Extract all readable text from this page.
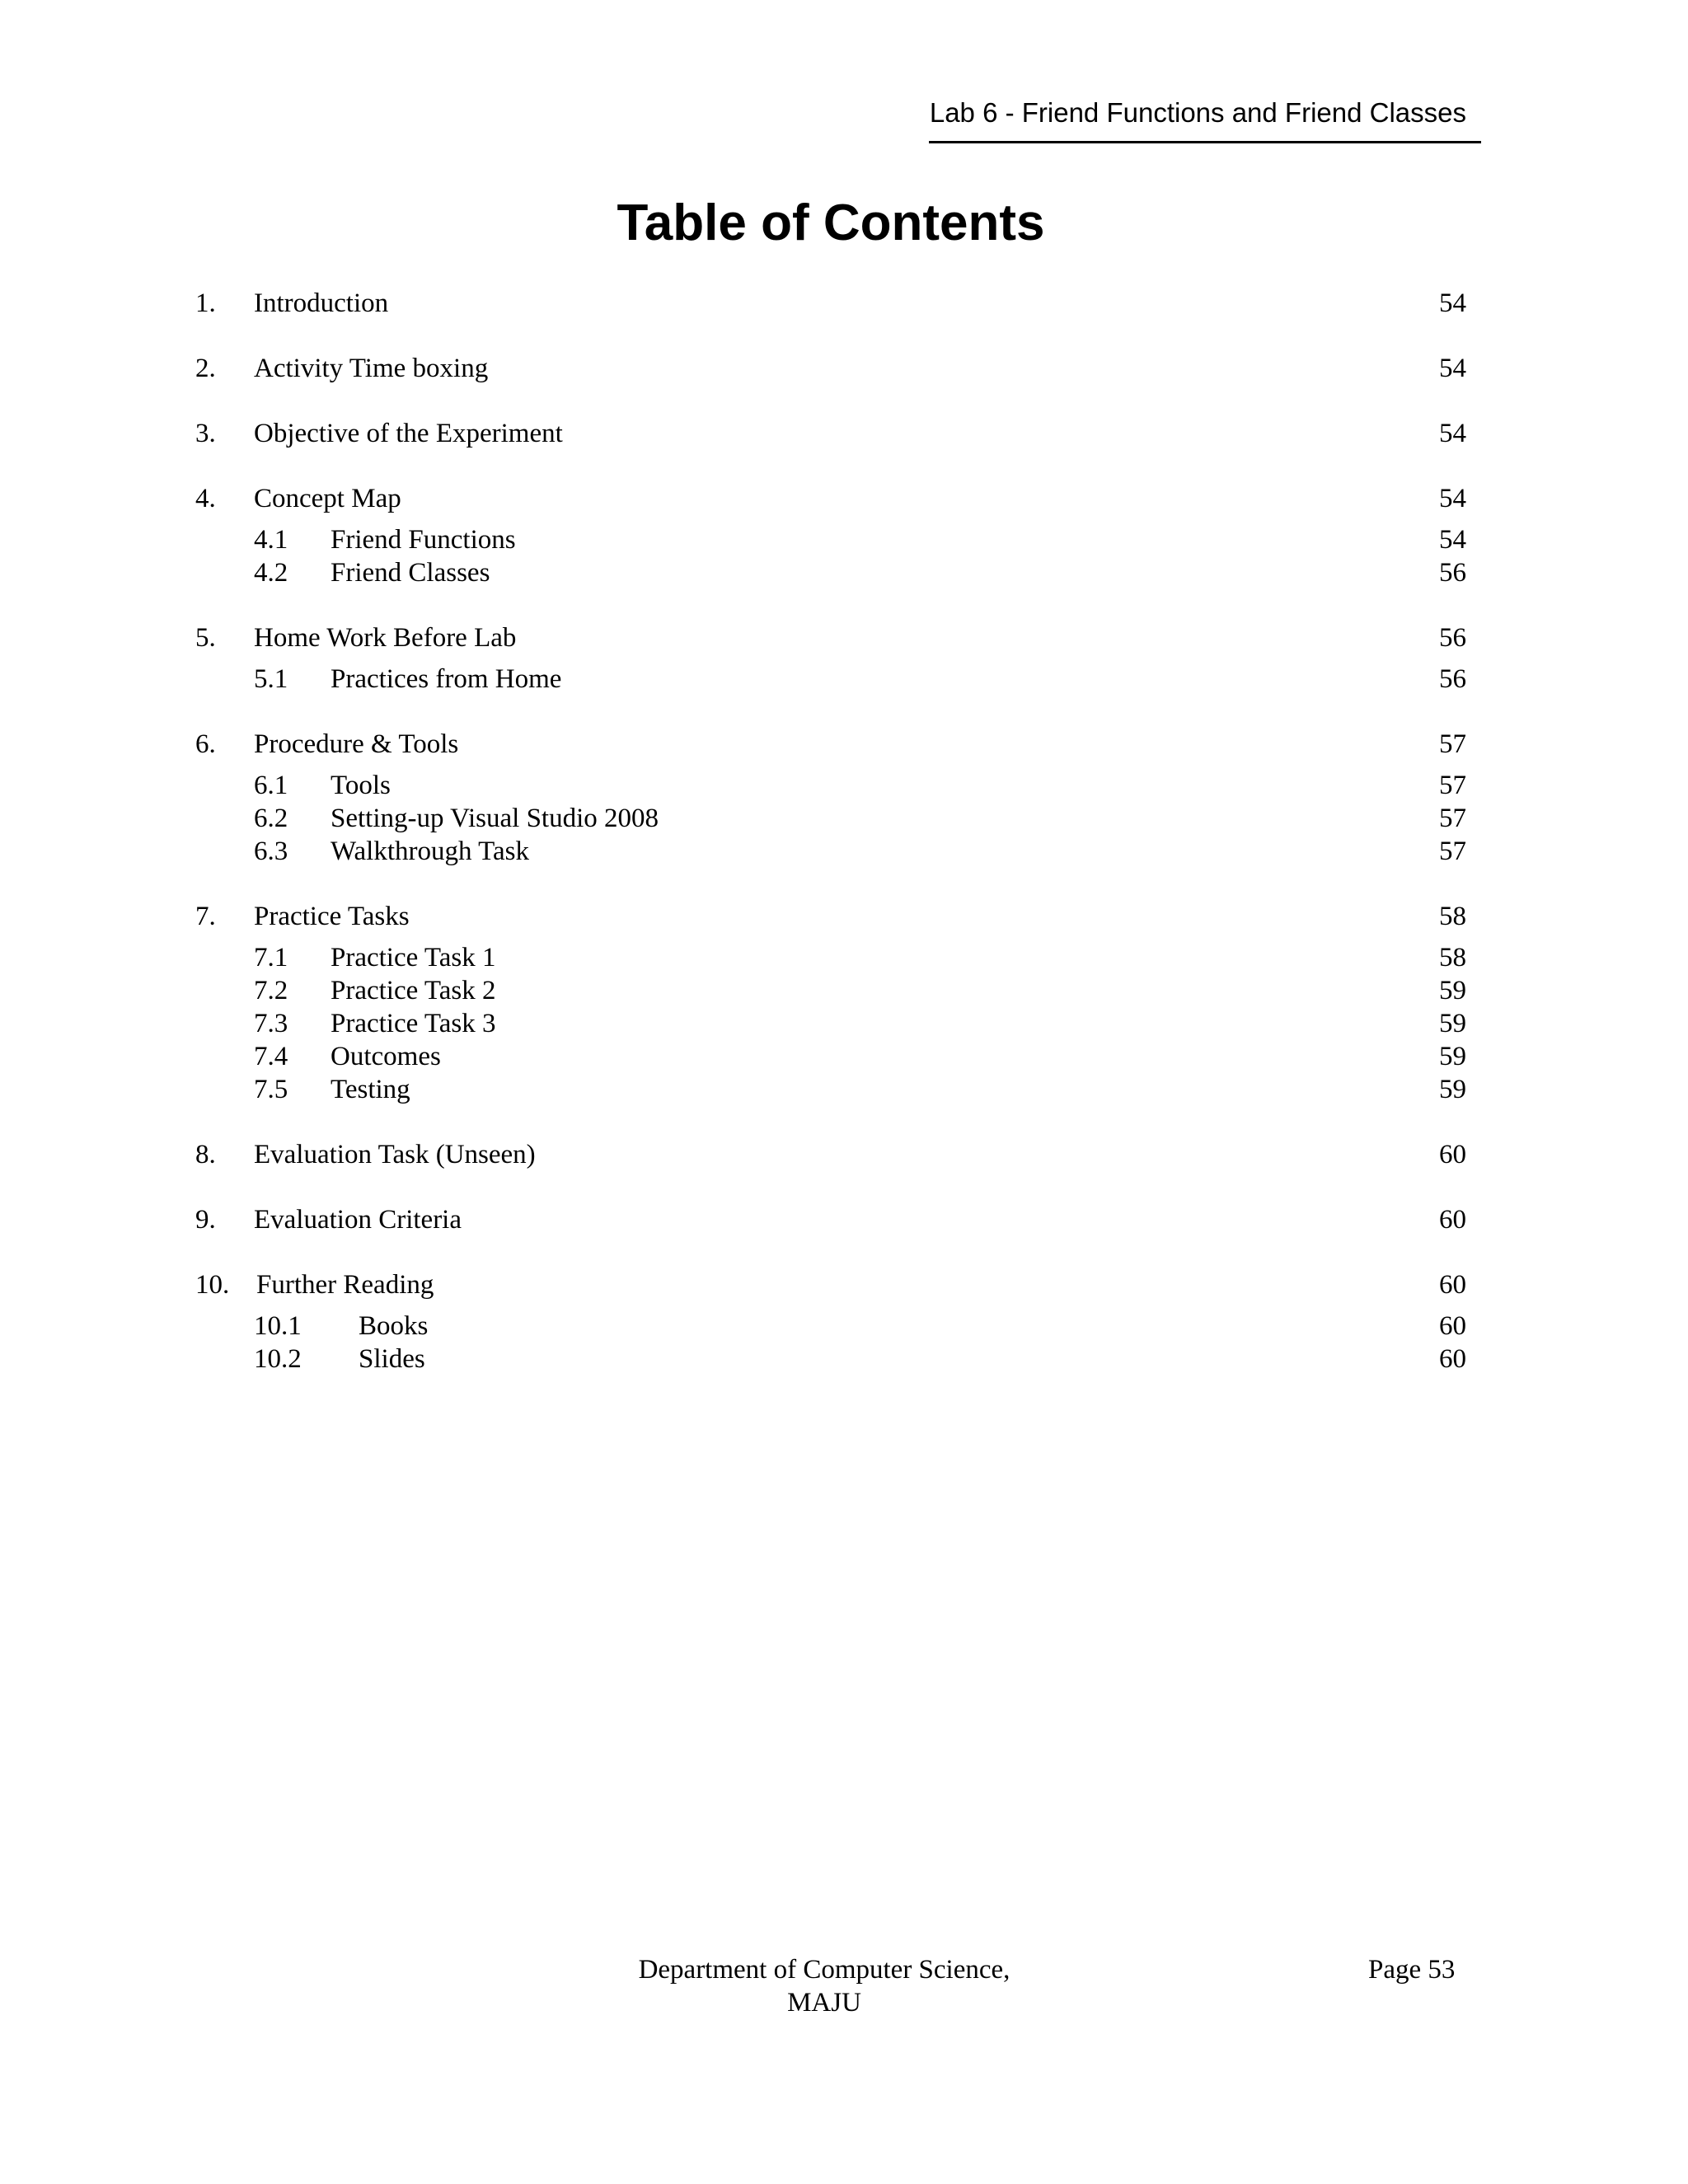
Lab 6 - Friend Functions and Friend Classes
Table of Contents
1. Introduction	54
2. Activity Time boxing	54
3. Objective of the Experiment	54
4. Concept Map	54
4.1 Friend Functions	54
4.2 Friend Classes	56
5. Home Work Before Lab	56
5.1 Practices from Home	56
6. Procedure & Tools	57
6.1 Tools	57
6.2 Setting-up Visual Studio 2008	57
6.3 Walkthrough Task	57
7. Practice Tasks	58
7.1 Practice Task 1	58
7.2 Practice Task 2	59
7.3 Practice Task 3	59
7.4 Outcomes	59
7.5 Testing	59
8. Evaluation Task (Unseen)	60
9. Evaluation Criteria	60
10. Further Reading	60
10.1 Books	60
10.2 Slides	60
Department of Computer Science,
MAJU
Page 53
